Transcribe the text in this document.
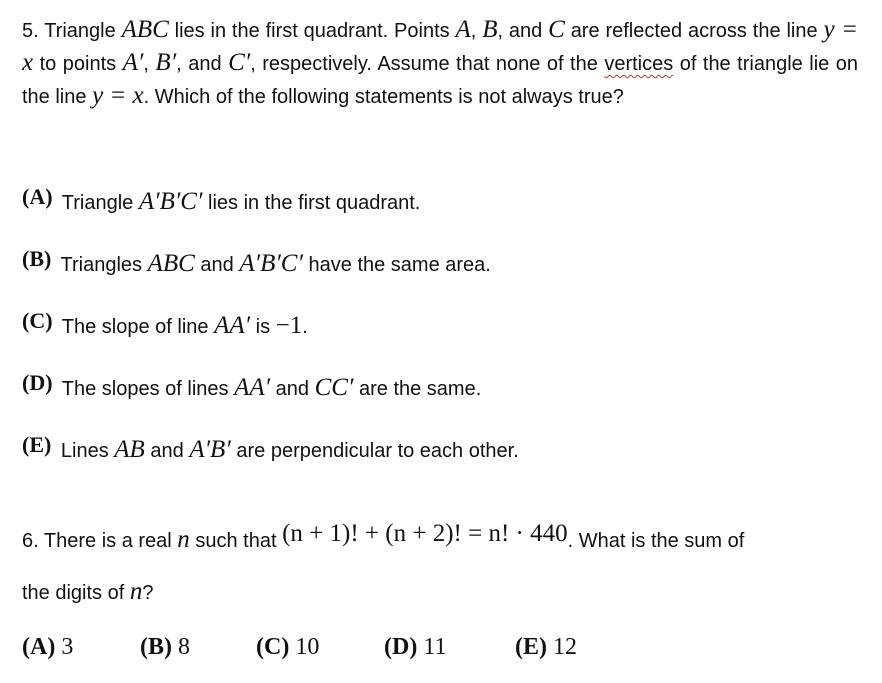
5. Triangle ABC lies in the first quadrant. Points A, B, and C are reflected across the line y = x to points A′, B′, and C′, respectively. Assume that none of the vertices of the triangle lie on the line y = x. Which of the following statements is not always true?
(A) Triangle A′B′C′ lies in the first quadrant.
(B) Triangles ABC and A′B′C′ have the same area.
(C) The slope of line AA′ is −1.
(D) The slopes of lines AA′ and CC′ are the same.
(E) Lines AB and A′B′ are perpendicular to each other.
6. There is a real n such that (n + 1)! + (n + 2)! = n! · 440. What is the sum of
the digits of n?
(A) 3	(B) 8	(C) 10	(D) 11	(E) 12
